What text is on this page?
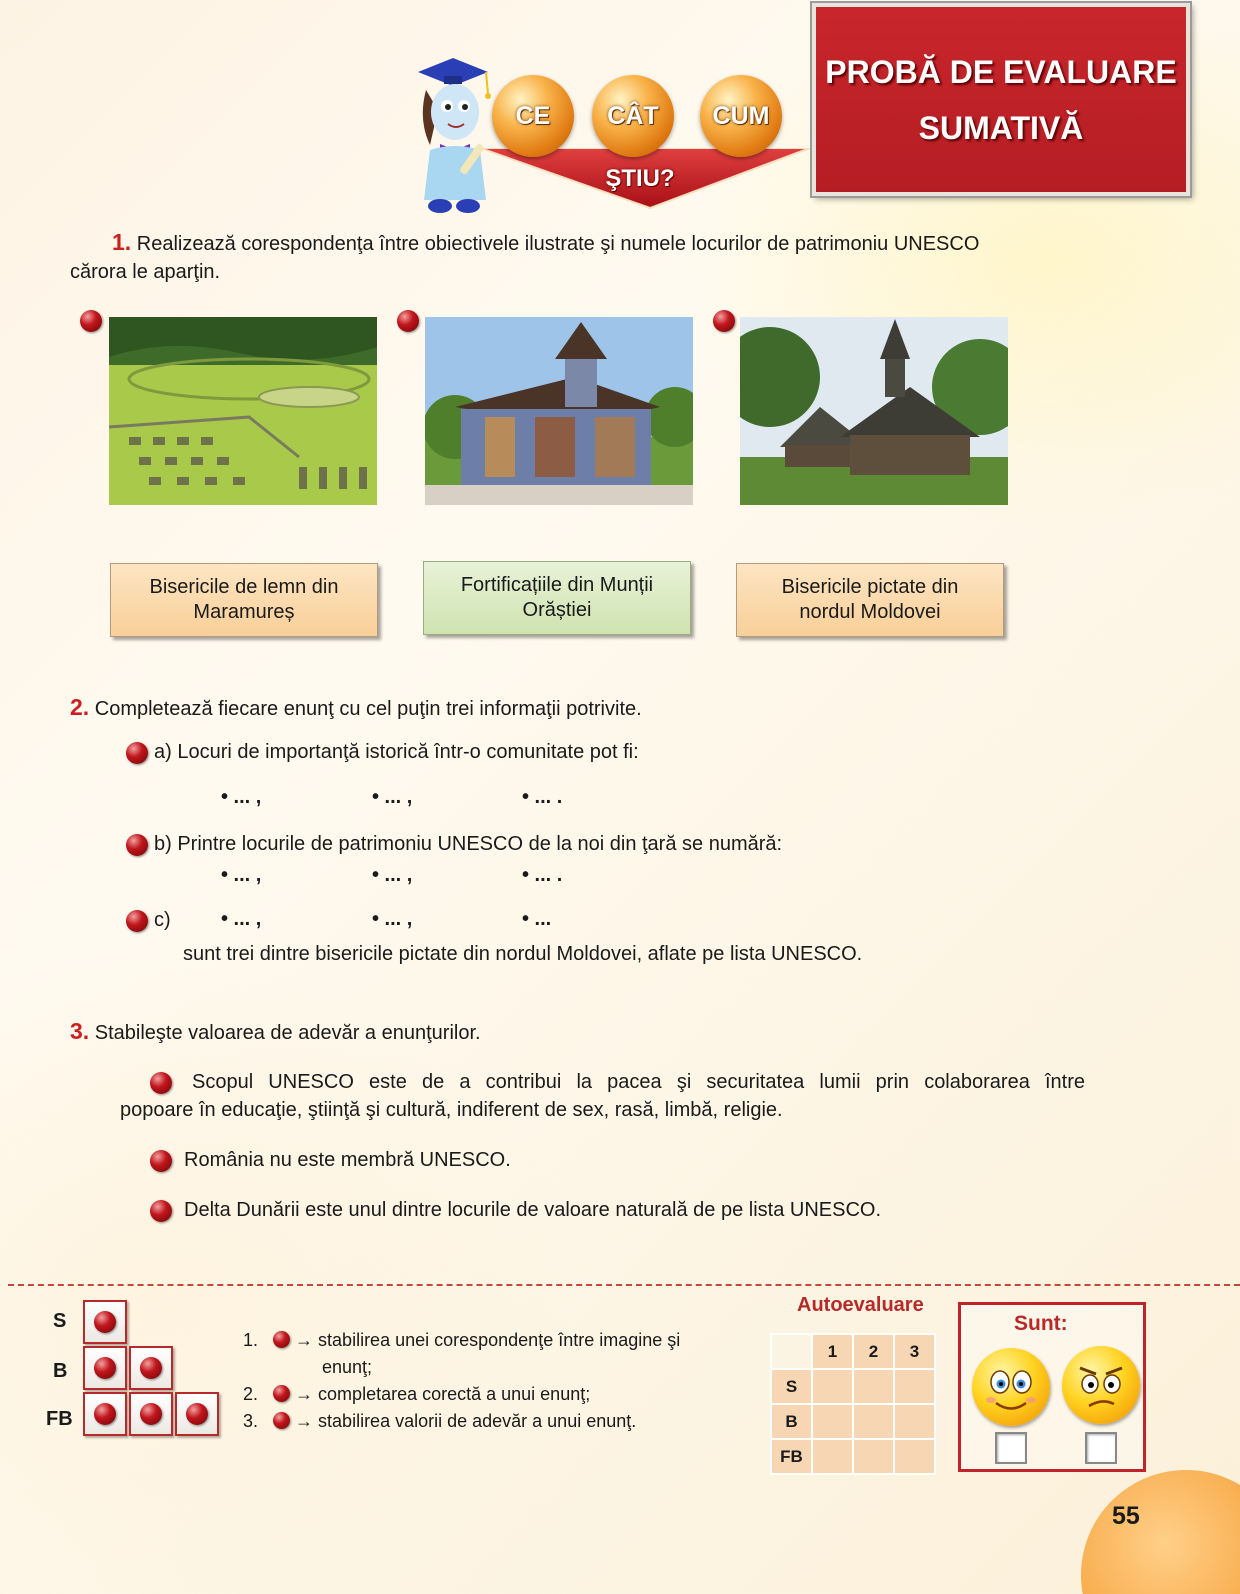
ŞTIU?
CE	CÂT	CUM
PROBĂ DE EVALUARE
SUMATIVĂ
1. Realizează corespondenţa între obiectivele ilustrate şi numele locurilor de patrimoniu UNESCO
cărora le aparţin.
Bisericile de lemn din
Maramureș
Fortificațiile din Munții
Orăștiei
Bisericile pictate din
nordul Moldovei
2. Completează fiecare enunţ cu cel puţin trei informaţii potrivite.
a) Locuri de importanţă istorică într-o comunitate pot fi:
• ... ,	• ... ,	• ... .
b) Printre locurile de patrimoniu UNESCO de la noi din ţară se numără:
• ... ,	• ... ,	• ... .
c)	• ... ,	• ... ,	• ...
sunt trei dintre bisericile pictate din nordul Moldovei, aflate pe lista UNESCO.
3. Stabileşte valoarea de adevăr a enunţurilor.
Scopul UNESCO este de a contribui la pacea şi securitatea lumii prin colaborarea între
popoare în educaţie, ştiinţă şi cultură, indiferent de sex, rasă, limbă, religie.
România nu este membră UNESCO.
Delta Dunării este unul dintre locurile de valoare naturală de pe lista UNESCO.
S
B
FB
1. → stabilirea unei corespondenţe între imagine şi
enunţ;
2. → completarea corectă a unui enunţ;
3. → stabilirea valorii de adevăr a unui enunţ.
Autoevaluare
	1	2	3
S			
B			
FB			
Sunt:
55
